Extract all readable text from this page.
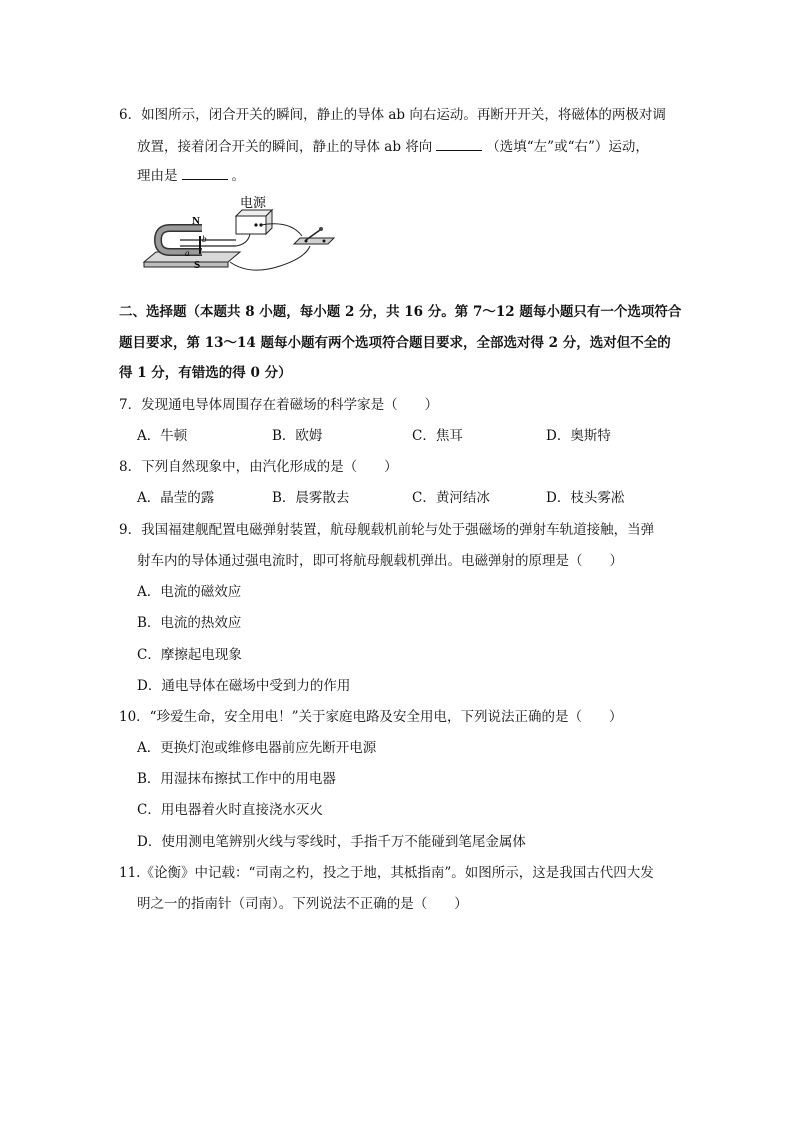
6．如图所示，闭合开关的瞬间，静止的导体 ab 向右运动。再断开开关，将磁体的两极对调
放置，接着闭合开关的瞬间，静止的导体 ab 将向	（选填“左”或“右”）运动，
理由是	。
N
S
b
a
电源
二、选择题（本题共 8 小题，每小题 2 分，共 16 分。第 7～12 题每小题只有一个选项符合
题目要求，第 13～14 题每小题有两个选项符合题目要求，全部选对得 2 分，选对但不全的
得 1 分，有错选的得 0 分）
7．发现通电导体周围存在着磁场的科学家是（　　）
A．牛顿	B．欧姆	C．焦耳	D．奥斯特
8．下列自然现象中，由汽化形成的是（　　）
A．晶莹的露	B．晨雾散去	C．黄河结冰	D．枝头雾凇
9．我国福建舰配置电磁弹射装置，航母舰载机前轮与处于强磁场的弹射车轨道接触，当弹
射车内的导体通过强电流时，即可将航母舰载机弹出。电磁弹射的原理是（　　）
A．电流的磁效应
B．电流的热效应
C．摩擦起电现象
D．通电导体在磁场中受到力的作用
10．“珍爱生命，安全用电！”关于家庭电路及安全用电，下列说法正确的是（　　）
A．更换灯泡或维修电器前应先断开电源
B．用湿抹布擦拭工作中的用电器
C．用电器着火时直接浇水灭火
D．使用测电笔辨别火线与零线时，手指千万不能碰到笔尾金属体
11.《论衡》中记载：“司南之杓，投之于地，其柢指南”。如图所示，这是我国古代四大发
明之一的指南针（司南）。下列说法不正确的是（　　）
